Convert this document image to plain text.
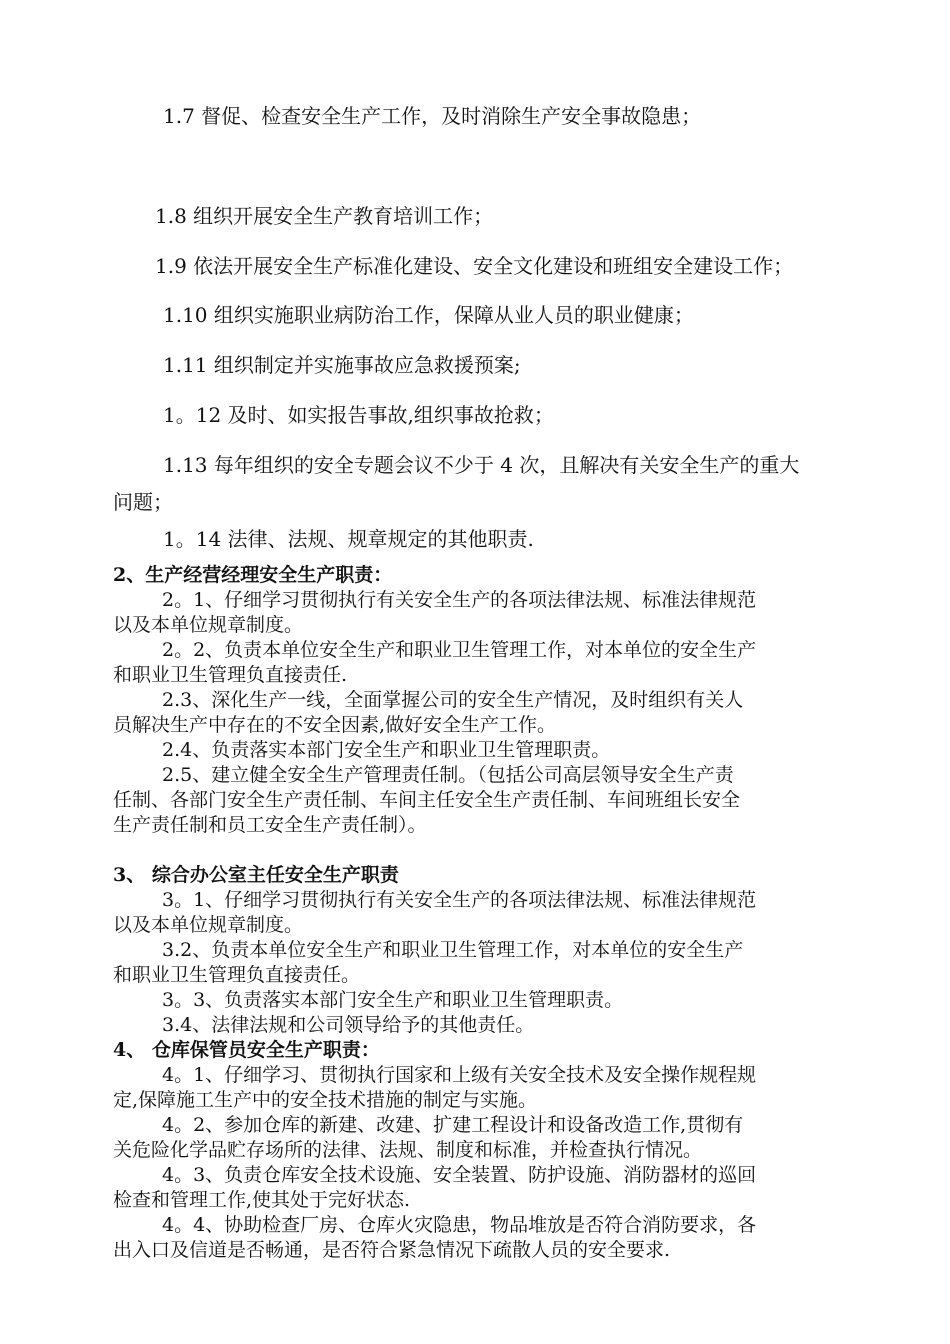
1.7 督促、检查安全生产工作，及时消除生产安全事故隐患；
1.8 组织开展安全生产教育培训工作；
1.9 依法开展安全生产标准化建设、安全文化建设和班组安全建设工作；
1.10 组织实施职业病防治工作，保障从业人员的职业健康；
1.11 组织制定并实施事故应急救援预案;
1。12 及时、如实报告事故,组织事故抢救；
1.13 每年组织的安全专题会议不少于 4 次，且解决有关安全生产的重大
问题；
1。14 法律、法规、规章规定的其他职责.
2、生产经营经理安全生产职责：
2。1、仔细学习贯彻执行有关安全生产的各项法律法规、标准法律规范
以及本单位规章制度。
2。2、负责本单位安全生产和职业卫生管理工作，对本单位的安全生产
和职业卫生管理负直接责任.
2.3、深化生产一线，全面掌握公司的安全生产情况，及时组织有关人
员解决生产中存在的不安全因素,做好安全生产工作。
2.4、负责落实本部门安全生产和职业卫生管理职责。
2.5、建立健全安全生产管理责任制。（包括公司高层领导安全生产责
任制、各部门安全生产责任制、车间主任安全生产责任制、车间班组长安全
生产责任制和员工安全生产责任制）。
3、 综合办公室主任安全生产职责
3。1、仔细学习贯彻执行有关安全生产的各项法律法规、标准法律规范
以及本单位规章制度。
3.2、负责本单位安全生产和职业卫生管理工作，对本单位的安全生产
和职业卫生管理负直接责任。
3。3、负责落实本部门安全生产和职业卫生管理职责。
3.4、法律法规和公司领导给予的其他责任。
4、 仓库保管员安全生产职责：
4。1、仔细学习、贯彻执行国家和上级有关安全技术及安全操作规程规
定,保障施工生产中的安全技术措施的制定与实施。
4。2、参加仓库的新建、改建、扩建工程设计和设备改造工作,贯彻有
关危险化学品贮存场所的法律、法规、制度和标准，并检查执行情况。
4。3、负责仓库安全技术设施、安全装置、防护设施、消防器材的巡回
检查和管理工作,使其处于完好状态.
4。4、协助检查厂房、仓库火灾隐患，物品堆放是否符合消防要求，各
出入口及信道是否畅通，是否符合紧急情况下疏散人员的安全要求.
